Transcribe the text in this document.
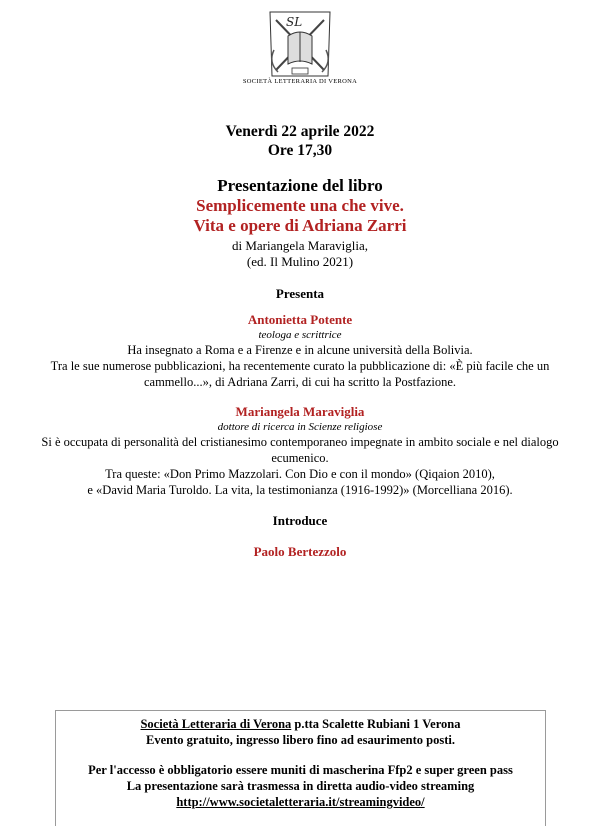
SL
SOCIETÀ LETTERARIA DI VERONA
Venerdì 22 aprile 2022
Ore 17,30
Presentazione del libro
Semplicemente una che vive.
Vita e opere di Adriana Zarri
di Mariangela Maraviglia,
(ed. Il Mulino 2021)
Presenta
Antonietta Potente
teologa e scrittrice
Ha insegnato a Roma e a Firenze e in alcune università della Bolivia.
Tra le sue numerose pubblicazioni, ha recentemente curato la pubblicazione di: «È più facile che un
cammello...», di Adriana Zarri, di cui ha scritto la Postfazione.
Mariangela Maraviglia
dottore di ricerca in Scienze religiose
Si è occupata di personalità del cristianesimo contemporaneo impegnate in ambito sociale e nel dialogo
ecumenico.
Tra queste: «Don Primo Mazzolari. Con Dio e con il mondo» (Qiqaion 2010),
e «David Maria Turoldo. La vita, la testimonianza (1916-1992)» (Morcelliana 2016).
Introduce
Paolo Bertezzolo
Società Letteraria di Verona p.tta Scalette Rubiani 1 Verona
Evento gratuito, ingresso libero fino ad esaurimento posti.
Per l'accesso è obbligatorio essere muniti di mascherina Ffp2 e super green pass
La presentazione sarà trasmessa in diretta audio-video streaming
http://www.societaletteraria.it/streamingvideo/
